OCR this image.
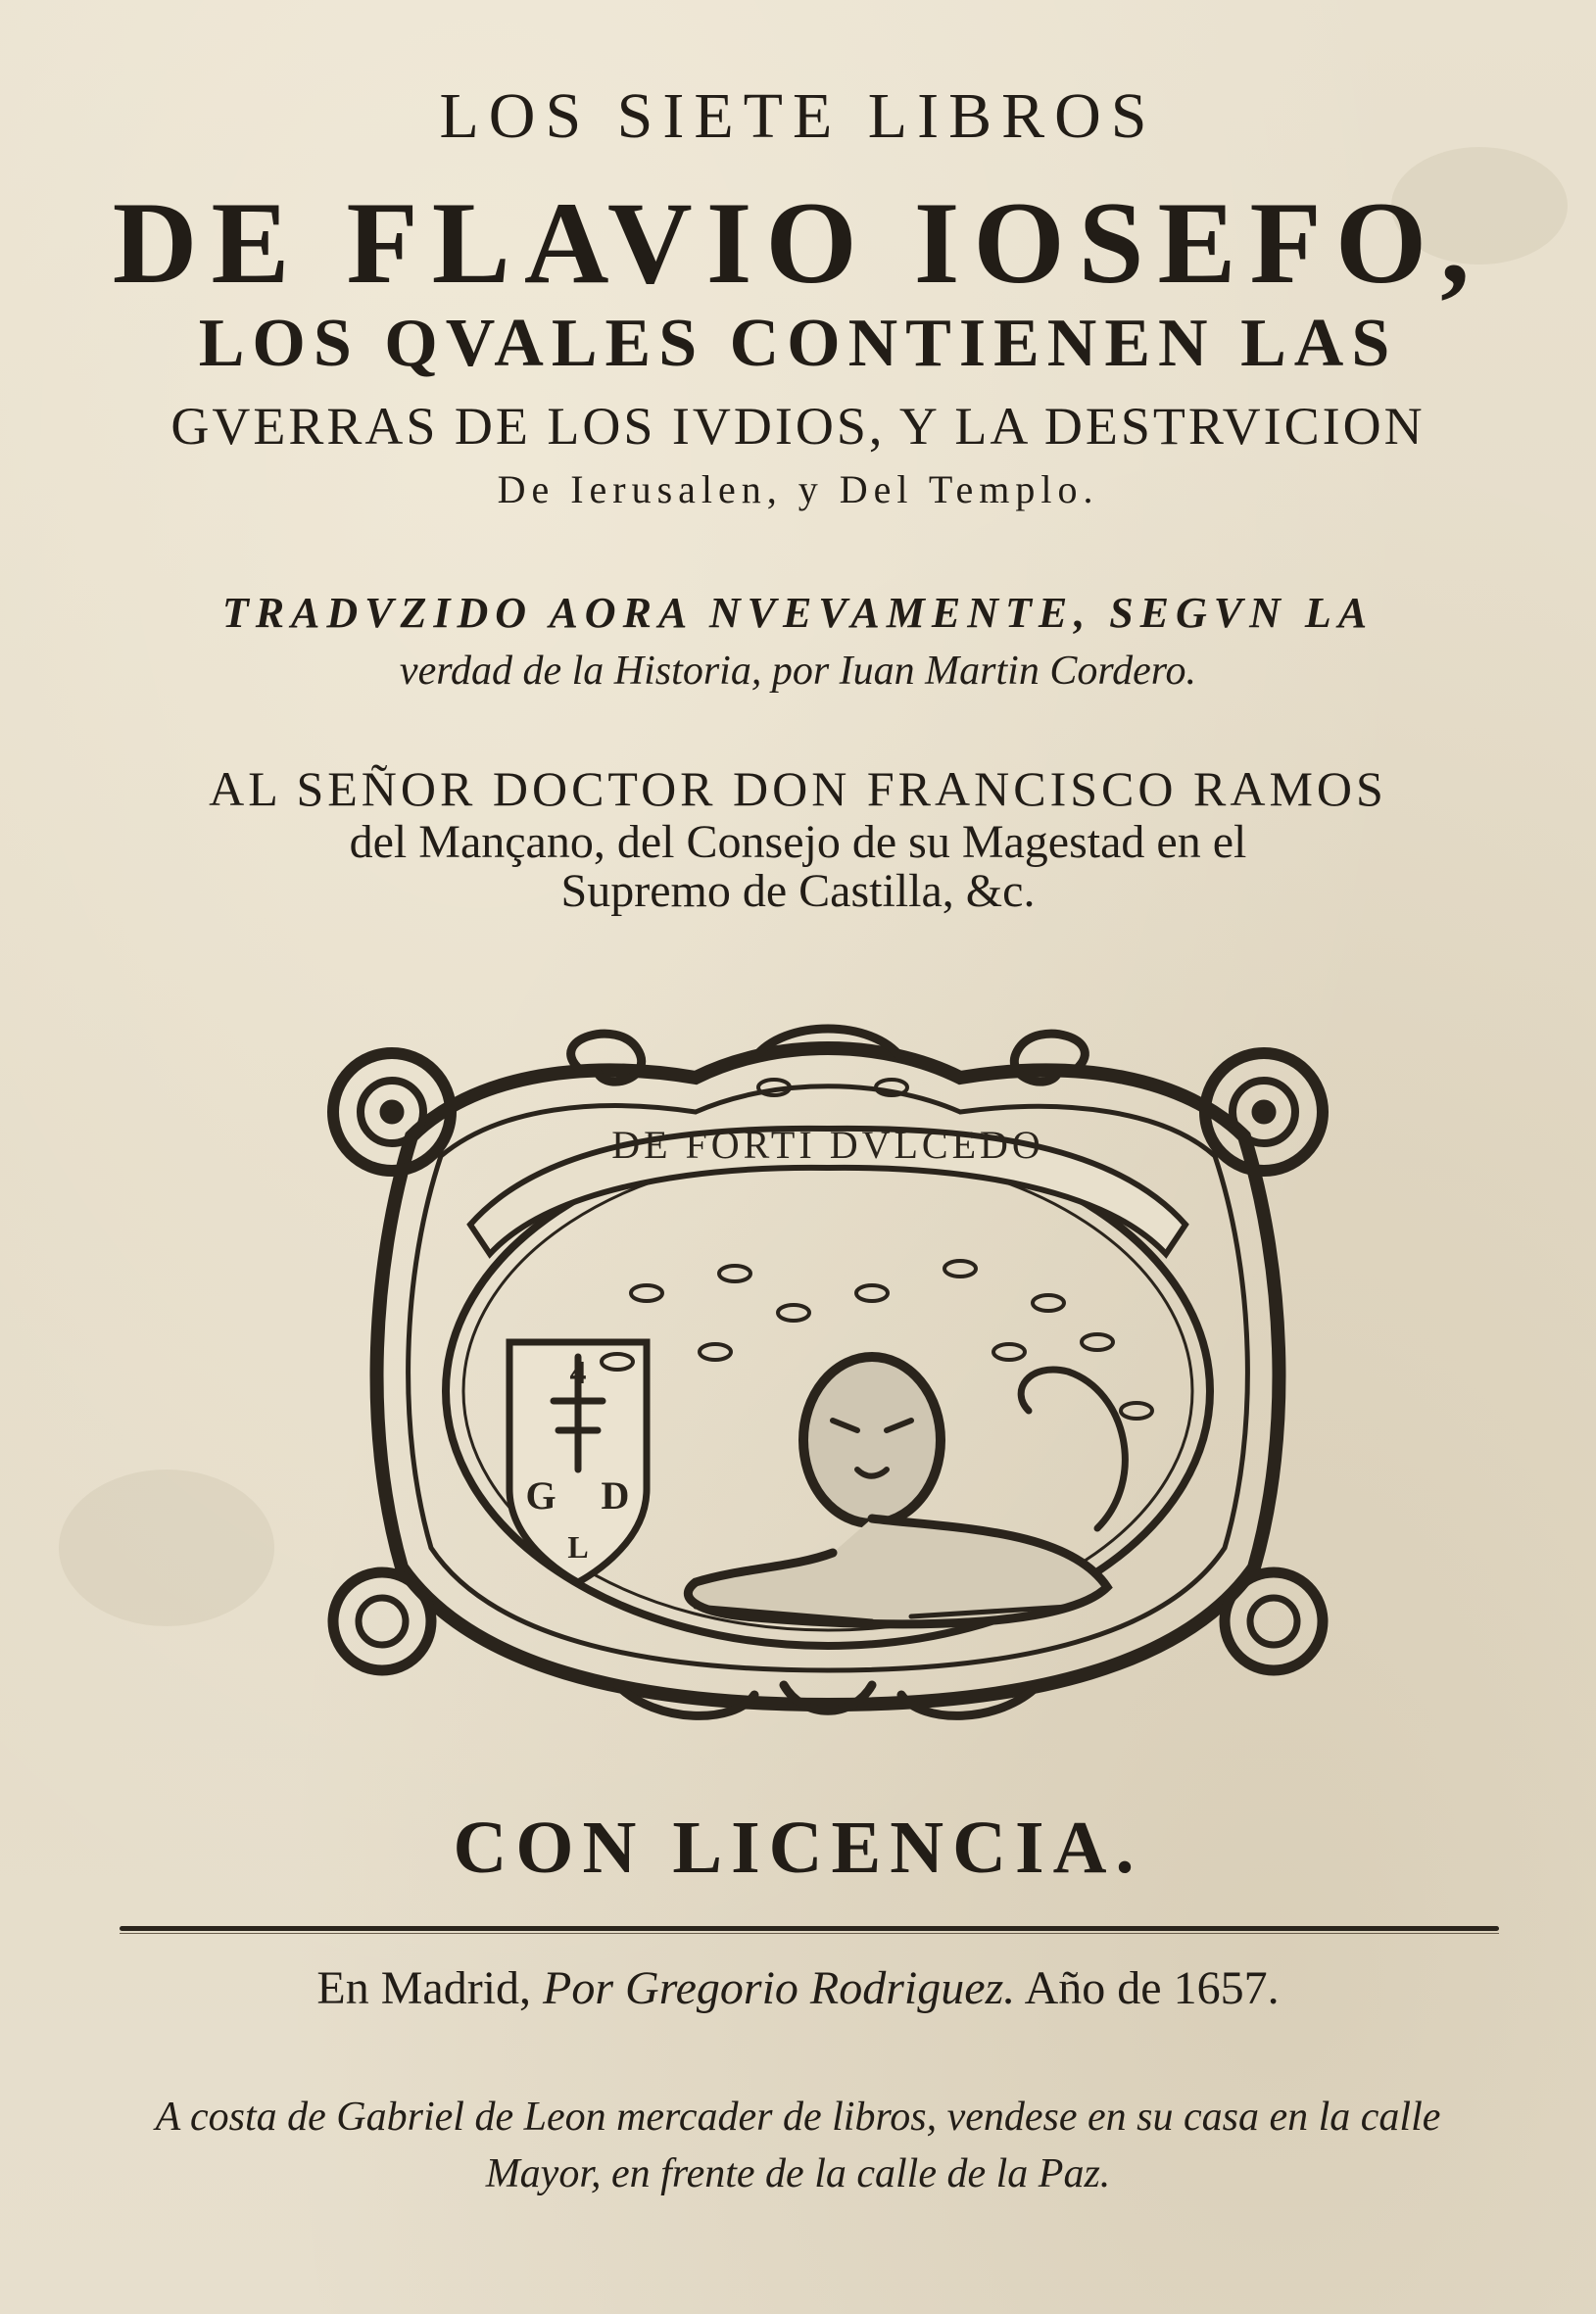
LOS SIETE LIBROS
DE FLAVIO IOSEFO,
LOS QVALES CONTIENEN LAS
GVERRAS DE LOS IVDIOS, Y LA DESTRVICION
De Ierusalen, y Del Templo.
TRADVZIDO AORA NVEVAMENTE, SEGVN LA
verdad de la Historia, por Iuan Martin Cordero.
AL SEÑOR DOCTOR DON FRANCISCO RAMOS
del Mançano, del Consejo de su Magestad en el
Supremo de Castilla, &c.
DE FORTI DVLCEDO
4
G D
L
CON LICENCIA.
En Madrid, Por Gregorio Rodriguez. Año de 1657.
A costa de Gabriel de Leon mercader de libros, vendese en su casa en la calle
Mayor, en frente de la calle de la Paz.
